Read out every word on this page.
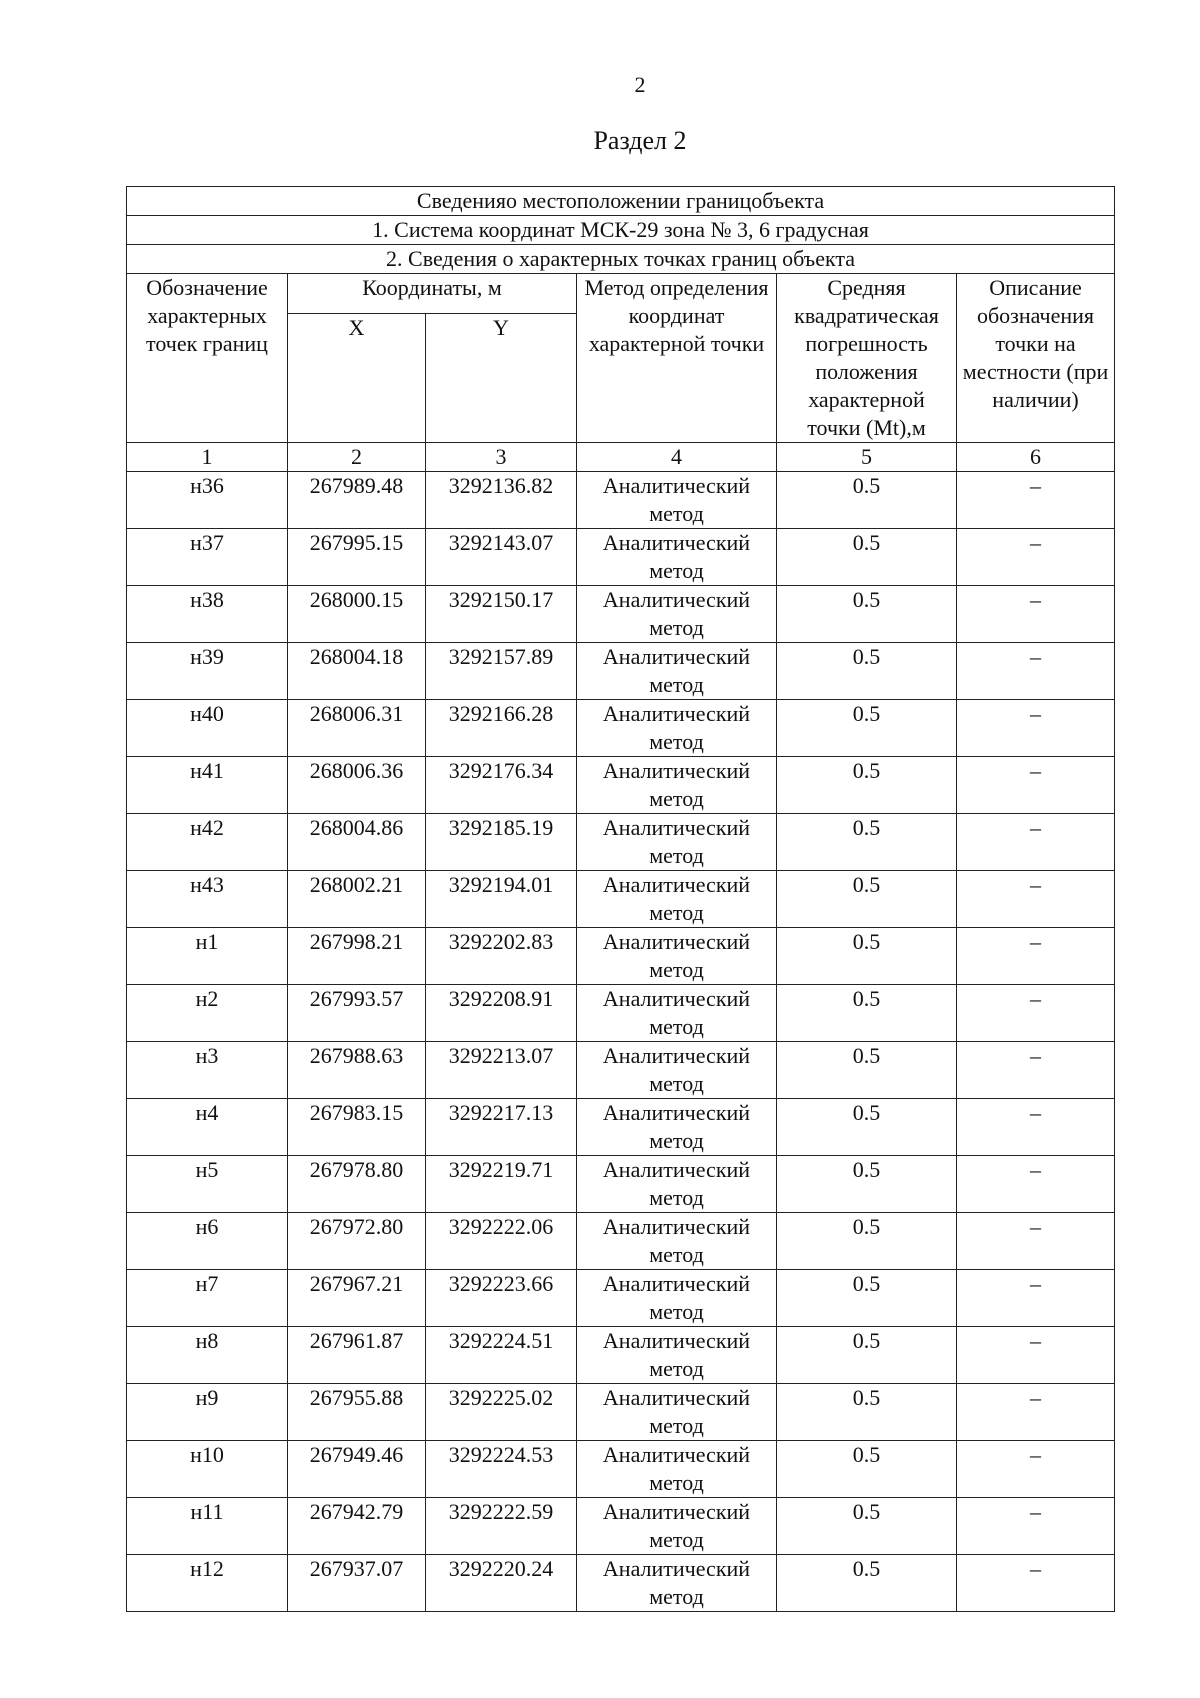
2
Раздел 2
Сведенияо местоположении границобъекта					
1. Система координат МСК-29 зона № 3, 6 градусная					
2. Сведения о характерных точках границ объекта					
Обозначение характерных точек границ	Координаты, м		Метод определения координат характерной точки	Средняя квадратическая погрешность положения характерной точки (Mt),м	Описание обозначения точки на местности (при наличии)
	X	Y			
1	2	3	4	5	6
н36	267989.48	3292136.82	Аналитический метод	0.5	–
н37	267995.15	3292143.07	Аналитический метод	0.5	–
н38	268000.15	3292150.17	Аналитический метод	0.5	–
н39	268004.18	3292157.89	Аналитический метод	0.5	–
н40	268006.31	3292166.28	Аналитический метод	0.5	–
н41	268006.36	3292176.34	Аналитический метод	0.5	–
н42	268004.86	3292185.19	Аналитический метод	0.5	–
н43	268002.21	3292194.01	Аналитический метод	0.5	–
н1	267998.21	3292202.83	Аналитический метод	0.5	–
н2	267993.57	3292208.91	Аналитический метод	0.5	–
н3	267988.63	3292213.07	Аналитический метод	0.5	–
н4	267983.15	3292217.13	Аналитический метод	0.5	–
н5	267978.80	3292219.71	Аналитический метод	0.5	–
н6	267972.80	3292222.06	Аналитический метод	0.5	–
н7	267967.21	3292223.66	Аналитический метод	0.5	–
н8	267961.87	3292224.51	Аналитический метод	0.5	–
н9	267955.88	3292225.02	Аналитический метод	0.5	–
н10	267949.46	3292224.53	Аналитический метод	0.5	–
н11	267942.79	3292222.59	Аналитический метод	0.5	–
н12	267937.07	3292220.24	Аналитический метод	0.5	–
